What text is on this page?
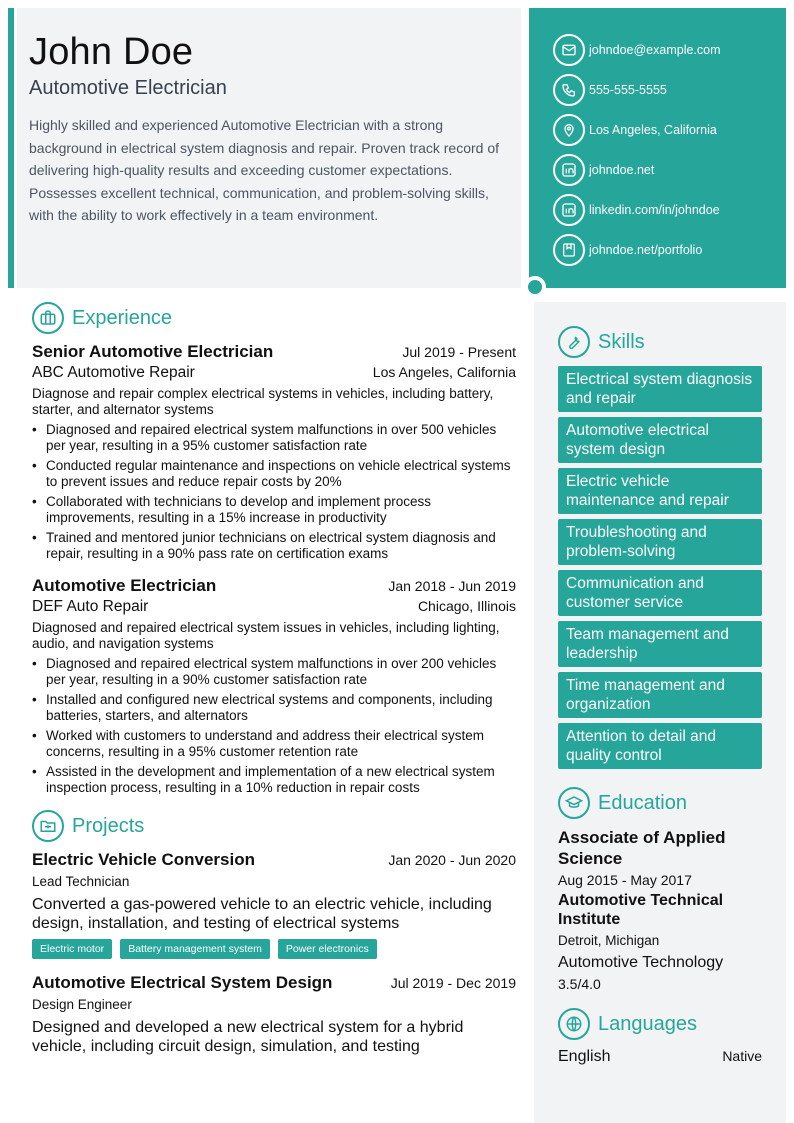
John Doe
Automotive Electrician
Highly skilled and experienced Automotive Electrician with a strong background in electrical system diagnosis and repair. Proven track record of delivering high-quality results and exceeding customer expectations. Possesses excellent technical, communication, and problem-solving skills, with the ability to work effectively in a team environment.
johndoe@example.com
555-555-5555
Los Angeles, California
johndoe.net
linkedin.com/in/johndoe
johndoe.net/portfolio
Experience
Senior Automotive Electrician	Jul 2019 - Present
ABC Automotive Repair	Los Angeles, California
Diagnose and repair complex electrical systems in vehicles, including battery, starter, and alternator systems
• Diagnosed and repaired electrical system malfunctions in over 500 vehicles per year, resulting in a 95% customer satisfaction rate
• Conducted regular maintenance and inspections on vehicle electrical systems to prevent issues and reduce repair costs by 20%
• Collaborated with technicians to develop and implement process improvements, resulting in a 15% increase in productivity
• Trained and mentored junior technicians on electrical system diagnosis and repair, resulting in a 90% pass rate on certification exams
Automotive Electrician	Jan 2018 - Jun 2019
DEF Auto Repair	Chicago, Illinois
Diagnosed and repaired electrical system issues in vehicles, including lighting, audio, and navigation systems
• Diagnosed and repaired electrical system malfunctions in over 200 vehicles per year, resulting in a 90% customer satisfaction rate
• Installed and configured new electrical systems and components, including batteries, starters, and alternators
• Worked with customers to understand and address their electrical system concerns, resulting in a 95% customer retention rate
• Assisted in the development and implementation of a new electrical system inspection process, resulting in a 10% reduction in repair costs
Projects
Electric Vehicle Conversion	Jan 2020 - Jun 2020
Lead Technician
Converted a gas-powered vehicle to an electric vehicle, including design, installation, and testing of electrical systems
Electric motor	Battery management system	Power electronics
Automotive Electrical System Design	Jul 2019 - Dec 2019
Design Engineer
Designed and developed a new electrical system for a hybrid vehicle, including circuit design, simulation, and testing
Skills
Electrical system diagnosis and repair
Automotive electrical system design
Electric vehicle maintenance and repair
Troubleshooting and problem-solving
Communication and customer service
Team management and leadership
Time management and organization
Attention to detail and quality control
Education
Associate of Applied Science
Aug 2015 - May 2017
Automotive Technical Institute
Detroit, Michigan
Automotive Technology
3.5/4.0
Languages
English	Native
